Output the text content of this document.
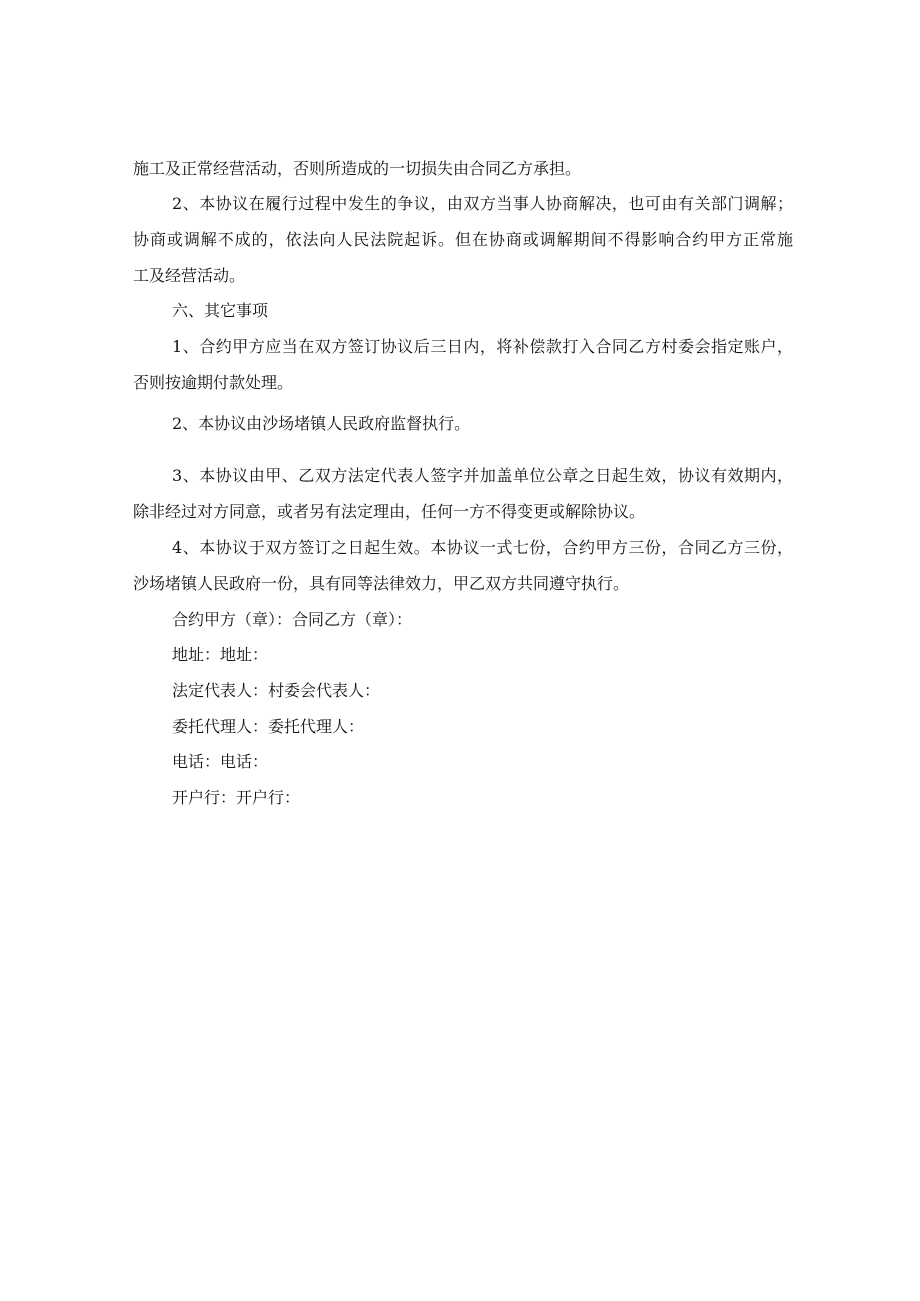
施工及正常经营活动，否则所造成的一切损失由合同乙方承担。
2、本协议在履行过程中发生的争议，由双方当事人协商解决，也可由有关部门调解；
协商或调解不成的，依法向人民法院起诉。但在协商或调解期间不得影响合约甲方正常施
工及经营活动。
六、其它事项
1、合约甲方应当在双方签订协议后三日内，将补偿款打入合同乙方村委会指定账户，
否则按逾期付款处理。
2、本协议由沙场堵镇人民政府监督执行。
3、本协议由甲、乙双方法定代表人签字并加盖单位公章之日起生效，协议有效期内，
除非经过对方同意，或者另有法定理由，任何一方不得变更或解除协议。
4、本协议于双方签订之日起生效。本协议一式七份，合约甲方三份，合同乙方三份，
沙场堵镇人民政府一份，具有同等法律效力，甲乙双方共同遵守执行。
合约甲方（章）：合同乙方（章）：
地址：地址：
法定代表人：村委会代表人：
委托代理人：委托代理人：
电话：电话：
开户行：开户行：
